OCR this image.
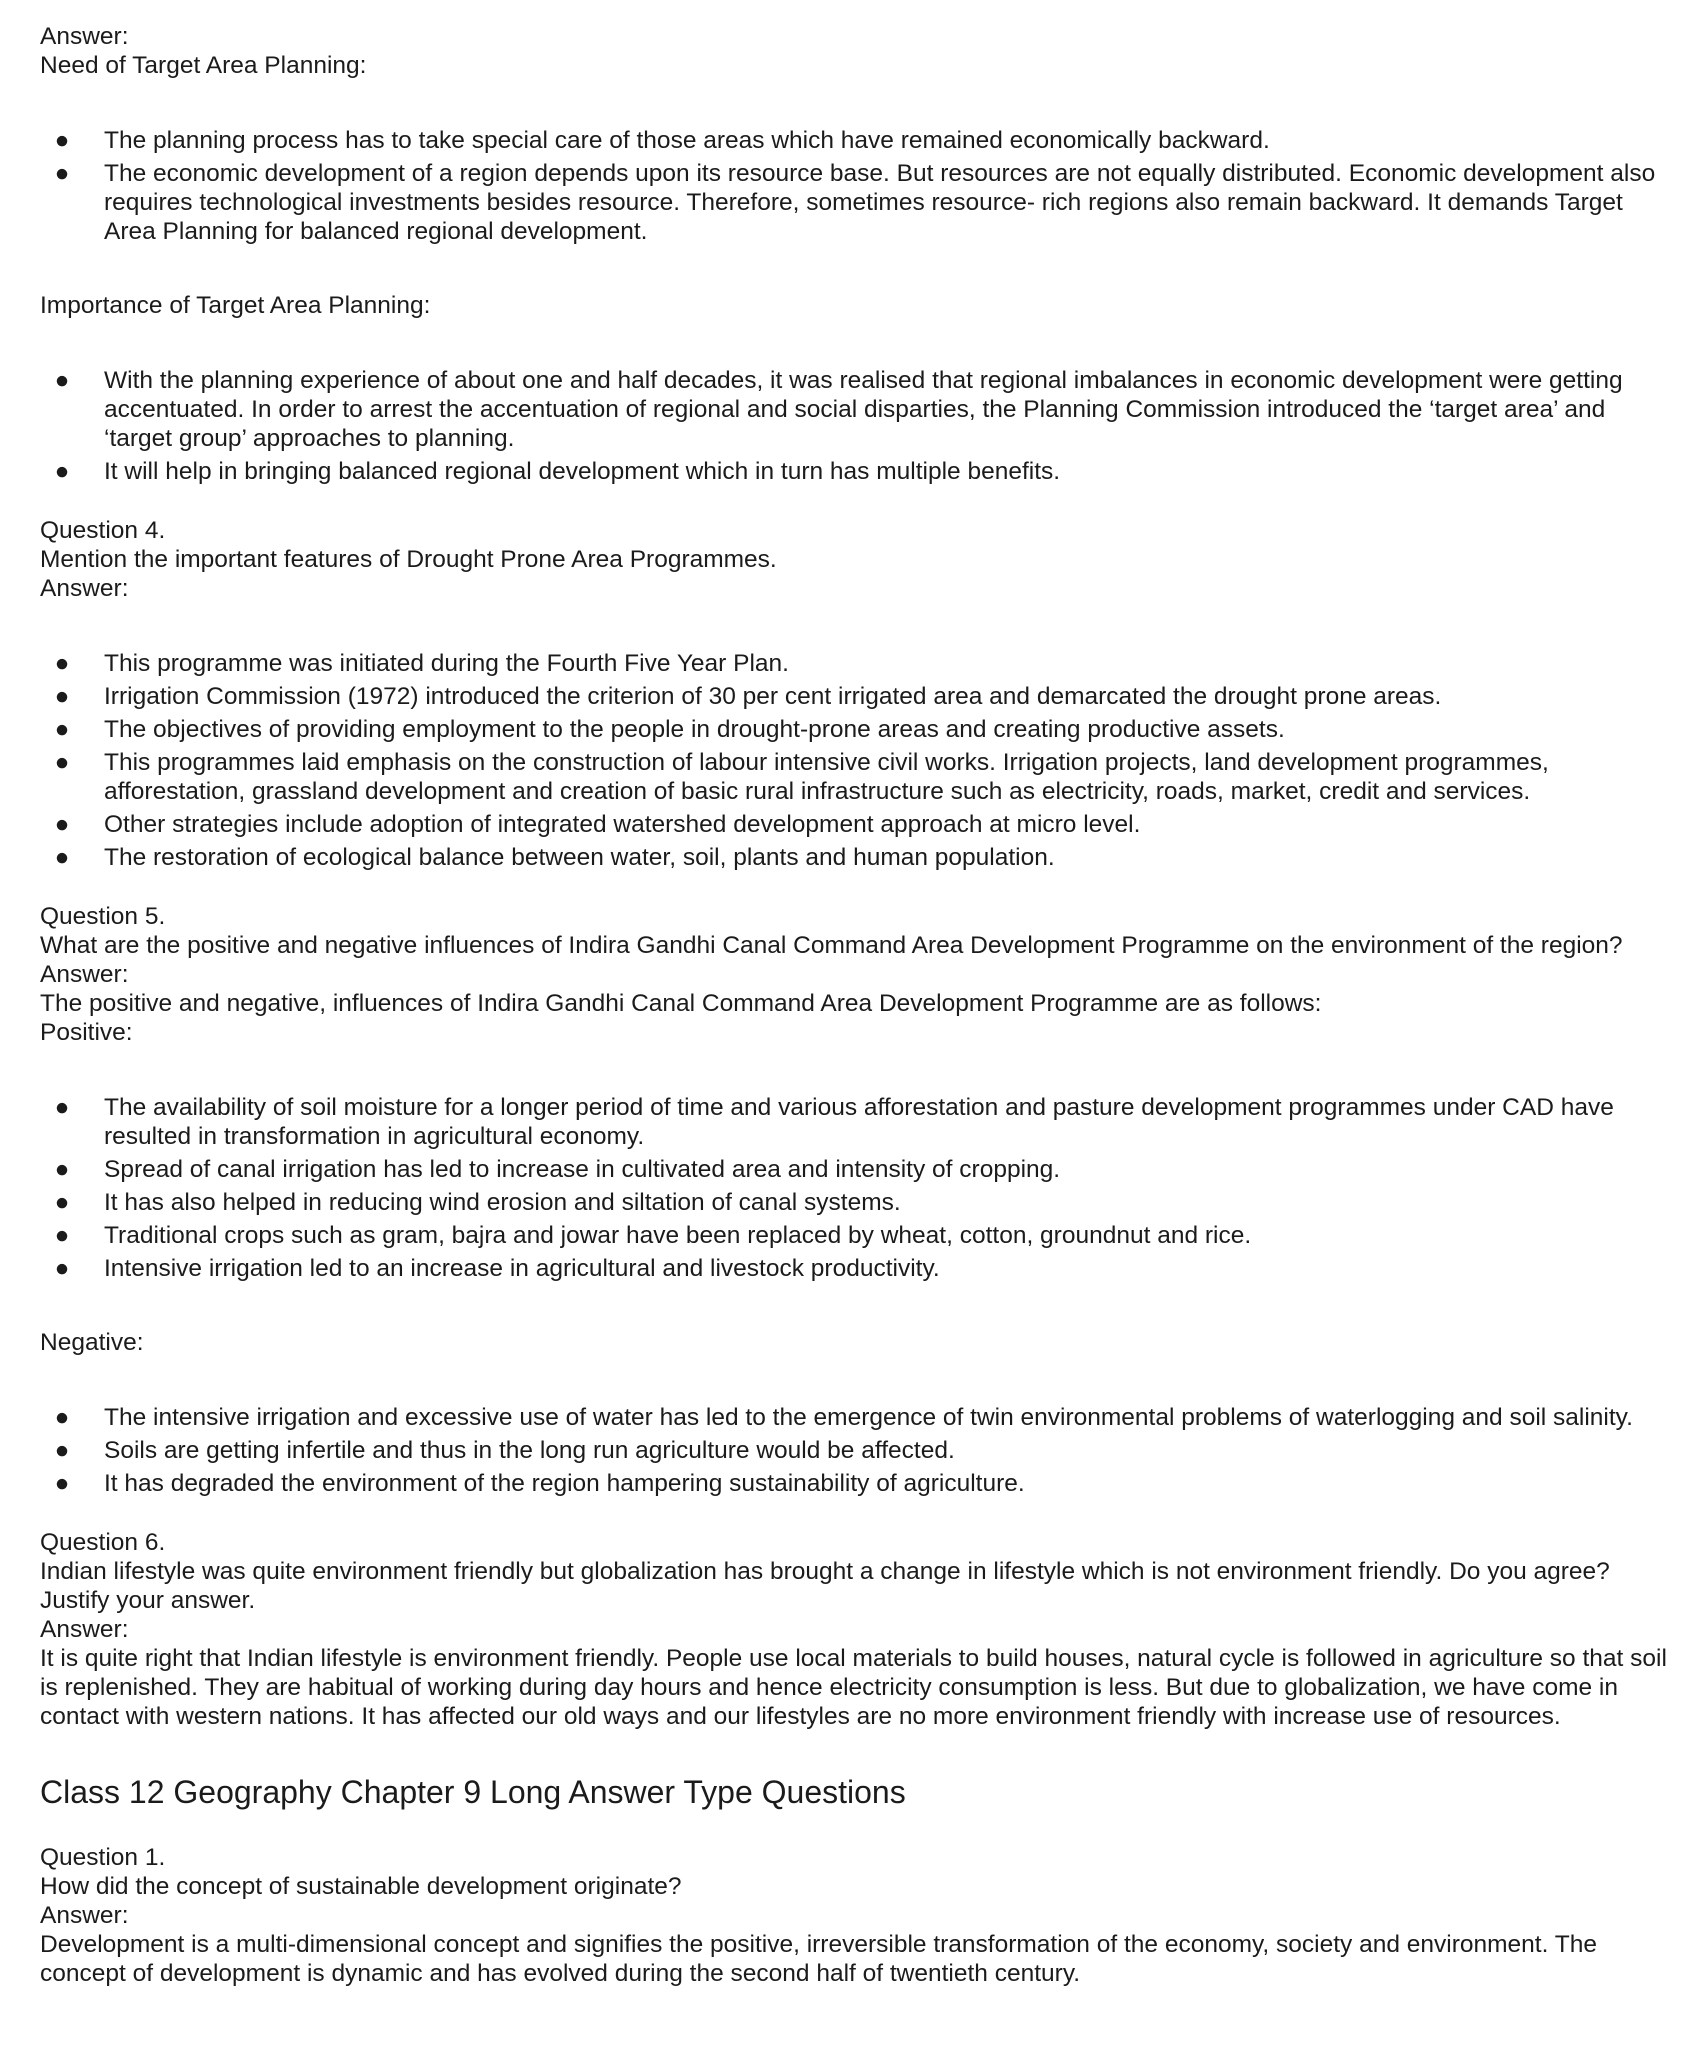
Answer:

Need of Target Area Planning:

● The planning process has to take special care of those areas which have remained economically backward.
● The economic development of a region depends upon its resource base. But resources are not equally distributed. Economic development also requires technological investments besides resource. Therefore, sometimes resource- rich regions also remain backward. It demands Target Area Planning for balanced regional development.

Importance of Target Area Planning:

● With the planning experience of about one and half decades, it was realised that regional imbalances in economic development were getting accentuated. In order to arrest the accentuation of regional and social disparties, the Planning Commission introduced the ‘target area’ and ‘target group’ approaches to planning.
● It will help in bringing balanced regional development which in turn has multiple benefits.

Question 4.

Mention the important features of Drought Prone Area Programmes.

Answer:

● This programme was initiated during the Fourth Five Year Plan.
● Irrigation Commission (1972) introduced the criterion of 30 per cent irrigated area and demarcated the drought prone areas.
● The objectives of providing employment to the people in drought-prone areas and creating productive assets.
● This programmes laid emphasis on the construction of labour intensive civil works. Irrigation projects, land development programmes, afforestation, grassland development and creation of basic rural infrastructure such as electricity, roads, market, credit and services.
● Other strategies include adoption of integrated watershed development approach at micro level.
● The restoration of ecological balance between water, soil, plants and human population.

Question 5.

What are the positive and negative influences of Indira Gandhi Canal Command Area Development Programme on the environment of the region?

Answer:

The positive and negative, influences of Indira Gandhi Canal Command Area Development Programme are as follows:

Positive:

● The availability of soil moisture for a longer period of time and various afforestation and pasture development programmes under CAD have resulted in transformation in agricultural economy.
● Spread of canal irrigation has led to increase in cultivated area and intensity of cropping.
● It has also helped in reducing wind erosion and siltation of canal systems.
● Traditional crops such as gram, bajra and jowar have been replaced by wheat, cotton, groundnut and rice.
● Intensive irrigation led to an increase in agricultural and livestock productivity.

Negative:

● The intensive irrigation and excessive use of water has led to the emergence of twin environmental problems of waterlogging and soil salinity.
● Soils are getting infertile and thus in the long run agriculture would be affected.
● It has degraded the environment of the region hampering sustainability of agriculture.

Question 6.

Indian lifestyle was quite environment friendly but globalization has brought a change in lifestyle which is not environment friendly. Do you agree? Justify your answer.

Answer:

It is quite right that Indian lifestyle is environment friendly. People use local materials to build houses, natural cycle is followed in agriculture so that soil is replenished. They are habitual of working during day hours and hence electricity consumption is less. But due to globalization, we have come in contact with western nations. It has affected our old ways and our lifestyles are no more environment friendly with increase use of resources.

Class 12 Geography Chapter 9 Long Answer Type Questions

Question 1.

How did the concept of sustainable development originate?

Answer:

Development is a multi-dimensional concept and signifies the positive, irreversible transformation of the economy, society and environment. The concept of development is dynamic and has evolved during the second half of twentieth century.
